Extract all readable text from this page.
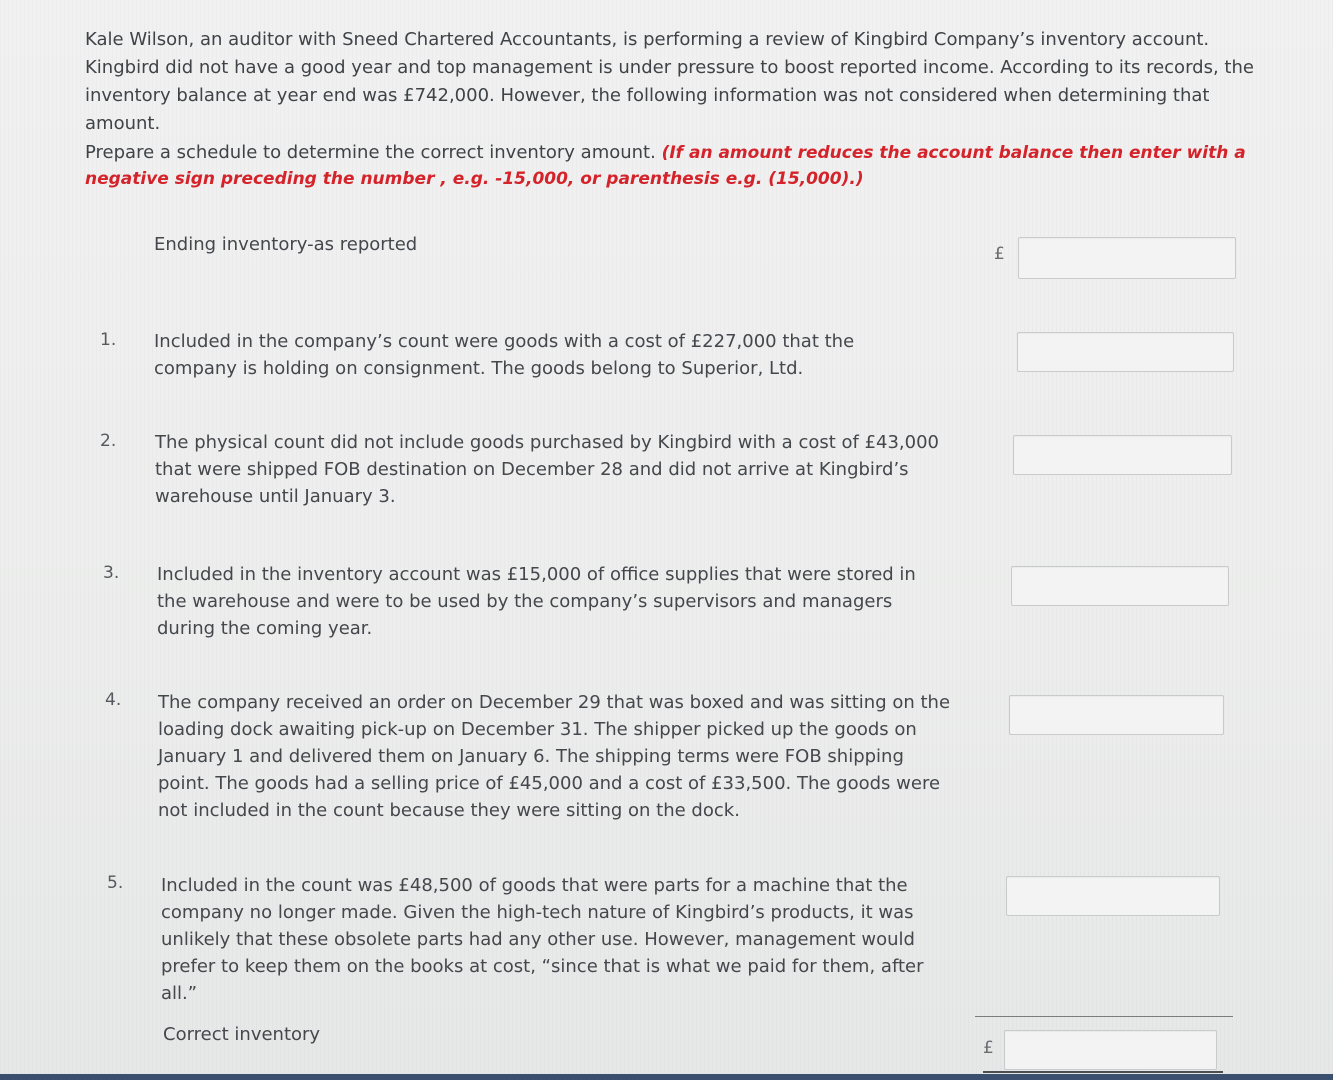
Kale Wilson, an auditor with Sneed Chartered Accountants, is performing a review of Kingbird Company’s inventory account. Kingbird did not have a good year and top management is under pressure to boost reported income. According to its records, the inventory balance at year end was £742,000. However, the following information was not considered when determining that amount.
Prepare a schedule to determine the correct inventory amount. (If an amount reduces the account balance then enter with a negative sign preceding the number , e.g. -15,000, or parenthesis e.g. (15,000).)
Ending inventory-as reported	£
1. Included in the company’s count were goods with a cost of £227,000 that the company is holding on consignment. The goods belong to Superior, Ltd.
2. The physical count did not include goods purchased by Kingbird with a cost of £43,000 that were shipped FOB destination on December 28 and did not arrive at Kingbird’s warehouse until January 3.
3. Included in the inventory account was £15,000 of office supplies that were stored in the warehouse and were to be used by the company’s supervisors and managers during the coming year.
4. The company received an order on December 29 that was boxed and was sitting on the loading dock awaiting pick-up on December 31. The shipper picked up the goods on January 1 and delivered them on January 6. The shipping terms were FOB shipping point. The goods had a selling price of £45,000 and a cost of £33,500. The goods were not included in the count because they were sitting on the dock.
5. Included in the count was £48,500 of goods that were parts for a machine that the company no longer made. Given the high-tech nature of Kingbird’s products, it was unlikely that these obsolete parts had any other use. However, management would prefer to keep them on the books at cost, “since that is what we paid for them, after all.”
Correct inventory
£
